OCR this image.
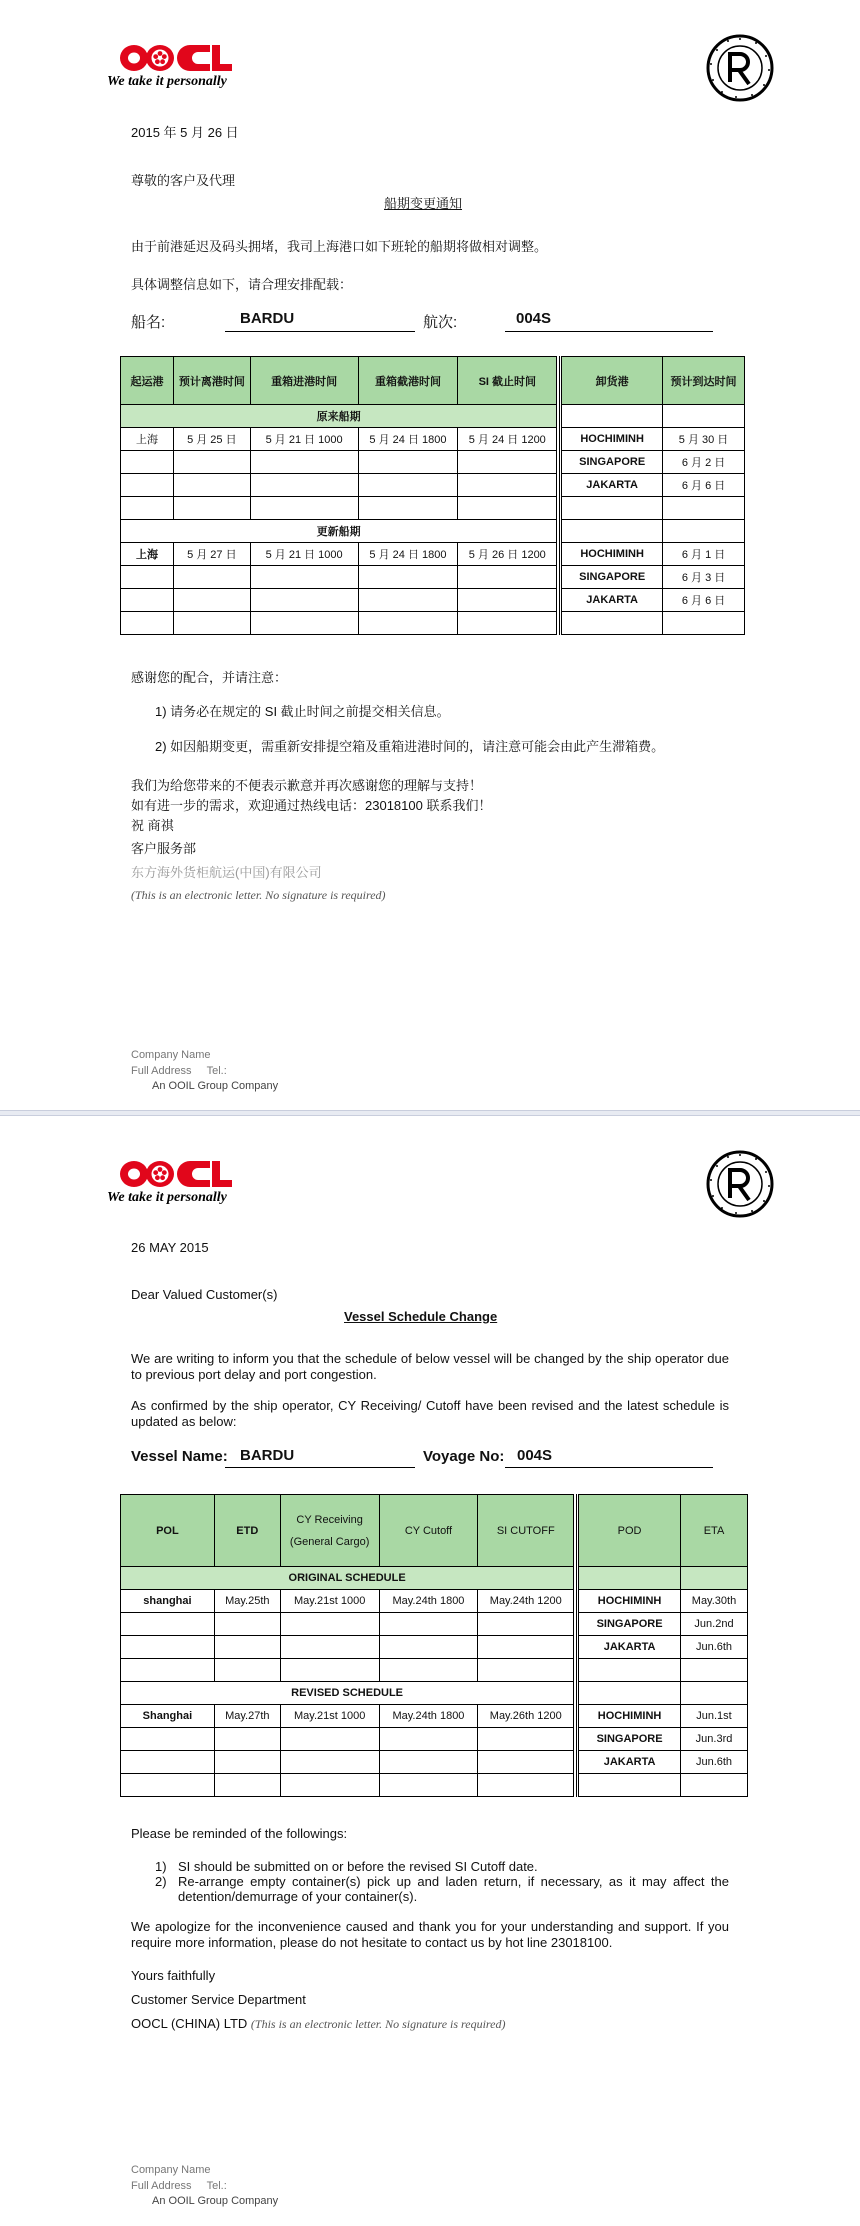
We take it personally
2015 年 5 月 26 日
尊敬的客户及代理
船期变更通知
由于前港延迟及码头拥堵，我司上海港口如下班轮的船期将做相对调整。
具体调整信息如下，请合理安排配载：
船名:	BARDU	航次:	004S
起运港	预计离港时间	重箱进港时间	重箱截港时间	SI 截止时间		卸货港	预计到达时间
原来船期							
上海	5 月 25 日	5 月 21 日 1000	5 月 24 日 1800	5 月 24 日 1200		HOCHIMINH	5 月 30 日
						SINGAPORE	6 月 2 日
						JAKARTA	6 月 6 日

更新船期							
上海	5 月 27 日	5 月 21 日 1000	5 月 24 日 1800	5 月 26 日 1200		HOCHIMINH	6 月 1 日
						SINGAPORE	6 月 3 日
						JAKARTA	6 月 6 日

感谢您的配合，并请注意：
1) 请务必在规定的 SI 截止时间之前提交相关信息。
2) 如因船期变更，需重新安排提空箱及重箱进港时间的，请注意可能会由此产生滞箱费。
我们为给您带来的不便表示歉意并再次感谢您的理解与支持！
如有进一步的需求，欢迎通过热线电话：23018100 联系我们！
祝 商祺
客户服务部
东方海外货柜航运(中国)有限公司
(This is an electronic letter. No signature is required)
Company Name
Full Address     Tel.:
An OOIL Group Company
We take it personally
26 MAY 2015
Dear Valued Customer(s)
Vessel Schedule Change
We are writing to inform you that the schedule of below vessel will be changed by the ship operator due to previous port delay and port congestion.
As confirmed by the ship operator, CY Receiving/ Cutoff have been revised and the latest schedule is updated as below:
Vessel Name: BARDU	Voyage No: 004S
POL	ETD	CY Receiving (General Cargo)	CY Cutoff	SI CUTOFF		POD	ETA
ORIGINAL SCHEDULE							
shanghai	May.25th	May.21st 1000	May.24th 1800	May.24th 1200		HOCHIMINH	May.30th
						SINGAPORE	Jun.2nd
						JAKARTA	Jun.6th

REVISED SCHEDULE							
Shanghai	May.27th	May.21st 1000	May.24th 1800	May.26th 1200		HOCHIMINH	Jun.1st
						SINGAPORE	Jun.3rd
						JAKARTA	Jun.6th

Please be reminded of the followings:
1) SI should be submitted on or before the revised SI Cutoff date.
2) Re-arrange empty container(s) pick up and laden return, if necessary, as it may affect the detention/demurrage of your container(s).
We apologize for the inconvenience caused and thank you for your understanding and support. If you require more information, please do not hesitate to contact us by hot line 23018100.
Yours faithfully
Customer Service Department
OOCL (CHINA) LTD (This is an electronic letter. No signature is required)
Company Name
Full Address     Tel.:
An OOIL Group Company
